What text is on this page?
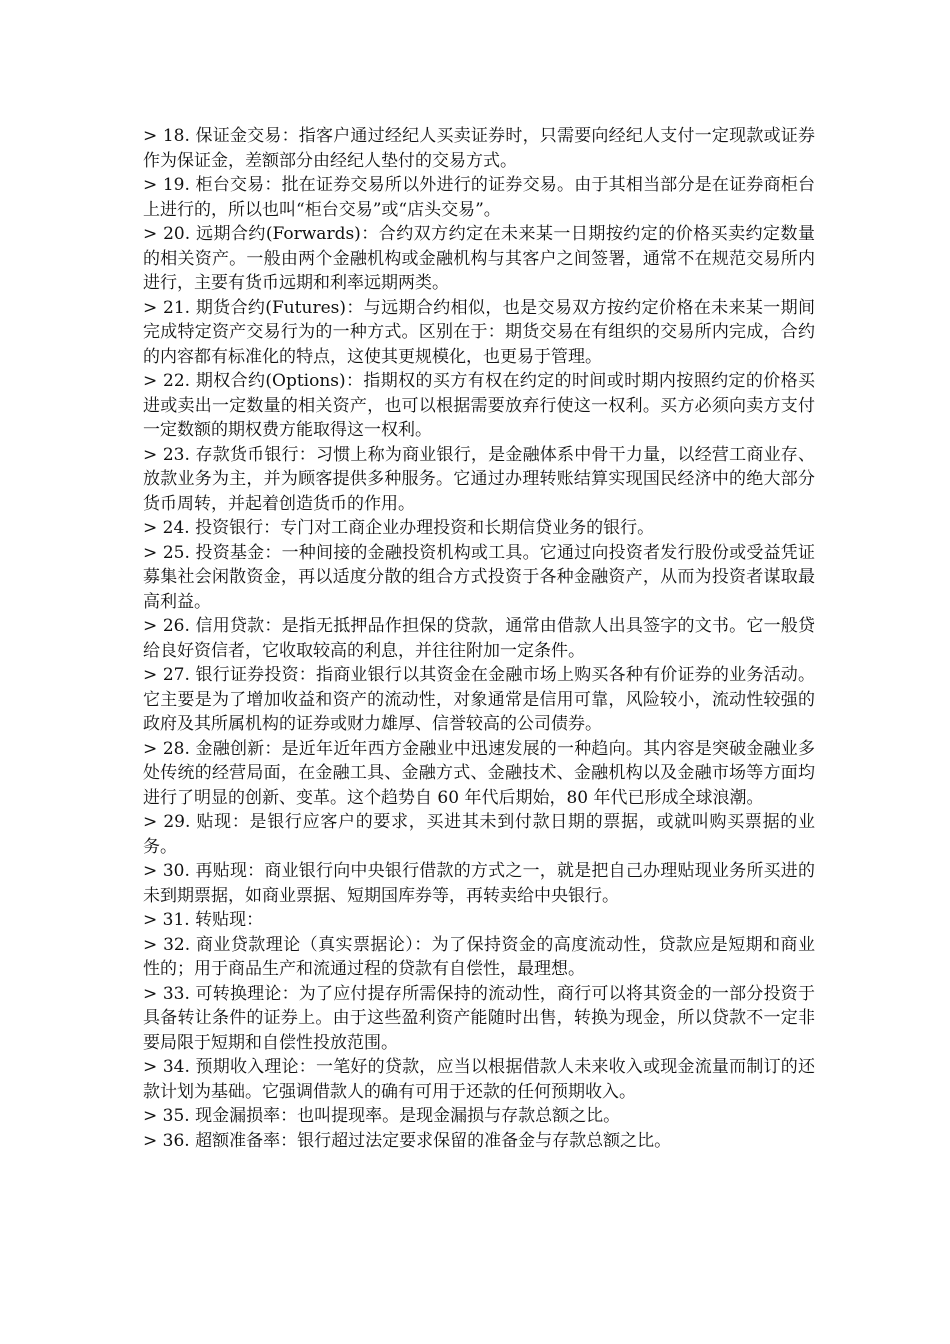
> 18. 保证金交易：指客户通过经纪人买卖证券时，只需要向经纪人支付一定现款或证券作为保证金，差额部分由经纪人垫付的交易方式。

> 19. 柜台交易：批在证券交易所以外进行的证券交易。由于其相当部分是在证券商柜台上进行的，所以也叫“柜台交易”或“店头交易”。

> 20. 远期合约(Forwards)：合约双方约定在未来某一日期按约定的价格买卖约定数量的相关资产。一般由两个金融机构或金融机构与其客户之间签署，通常不在规范交易所内进行，主要有货币远期和利率远期两类。

> 21. 期货合约(Futures)：与远期合约相似，也是交易双方按约定价格在未来某一期间完成特定资产交易行为的一种方式。区别在于：期货交易在有组织的交易所内完成，合约的内容都有标准化的特点，这使其更规模化，也更易于管理。

> 22. 期权合约(Options)：指期权的买方有权在约定的时间或时期内按照约定的价格买进或卖出一定数量的相关资产，也可以根据需要放弃行使这一权利。买方必须向卖方支付一定数额的期权费方能取得这一权利。

> 23. 存款货币银行：习惯上称为商业银行，是金融体系中骨干力量，以经营工商业存、放款业务为主，并为顾客提供多种服务。它通过办理转账结算实现国民经济中的绝大部分货币周转，并起着创造货币的作用。

> 24. 投资银行：专门对工商企业办理投资和长期信贷业务的银行。

> 25. 投资基金：一种间接的金融投资机构或工具。它通过向投资者发行股份或受益凭证募集社会闲散资金，再以适度分散的组合方式投资于各种金融资产，从而为投资者谋取最高利益。

> 26. 信用贷款：是指无抵押品作担保的贷款，通常由借款人出具签字的文书。它一般贷给良好资信者，它收取较高的利息，并往往附加一定条件。

> 27. 银行证券投资：指商业银行以其资金在金融市场上购买各种有价证券的业务活动。它主要是为了增加收益和资产的流动性，对象通常是信用可靠，风险较小，流动性较强的政府及其所属机构的证券或财力雄厚、信誉较高的公司债券。

> 28. 金融创新：是近年近年西方金融业中迅速发展的一种趋向。其内容是突破金融业多处传统的经营局面，在金融工具、金融方式、金融技术、金融机构以及金融市场等方面均进行了明显的创新、变革。这个趋势自 60 年代后期始，80 年代已形成全球浪潮。

> 29. 贴现：是银行应客户的要求，买进其未到付款日期的票据，或就叫购买票据的业务。

> 30. 再贴现：商业银行向中央银行借款的方式之一，就是把自己办理贴现业务所买进的未到期票据，如商业票据、短期国库券等，再转卖给中央银行。

> 31. 转贴现：

> 32. 商业贷款理论（真实票据论）：为了保持资金的高度流动性，贷款应是短期和商业性的；用于商品生产和流通过程的贷款有自偿性，最理想。

> 33. 可转换理论：为了应付提存所需保持的流动性，商行可以将其资金的一部分投资于具备转让条件的证券上。由于这些盈利资产能随时出售，转换为现金，所以贷款不一定非要局限于短期和自偿性投放范围。

> 34. 预期收入理论：一笔好的贷款，应当以根据借款人未来收入或现金流量而制订的还款计划为基础。它强调借款人的确有可用于还款的任何预期收入。

> 35. 现金漏损率：也叫提现率。是现金漏损与存款总额之比。

> 36. 超额准备率：银行超过法定要求保留的准备金与存款总额之比。
